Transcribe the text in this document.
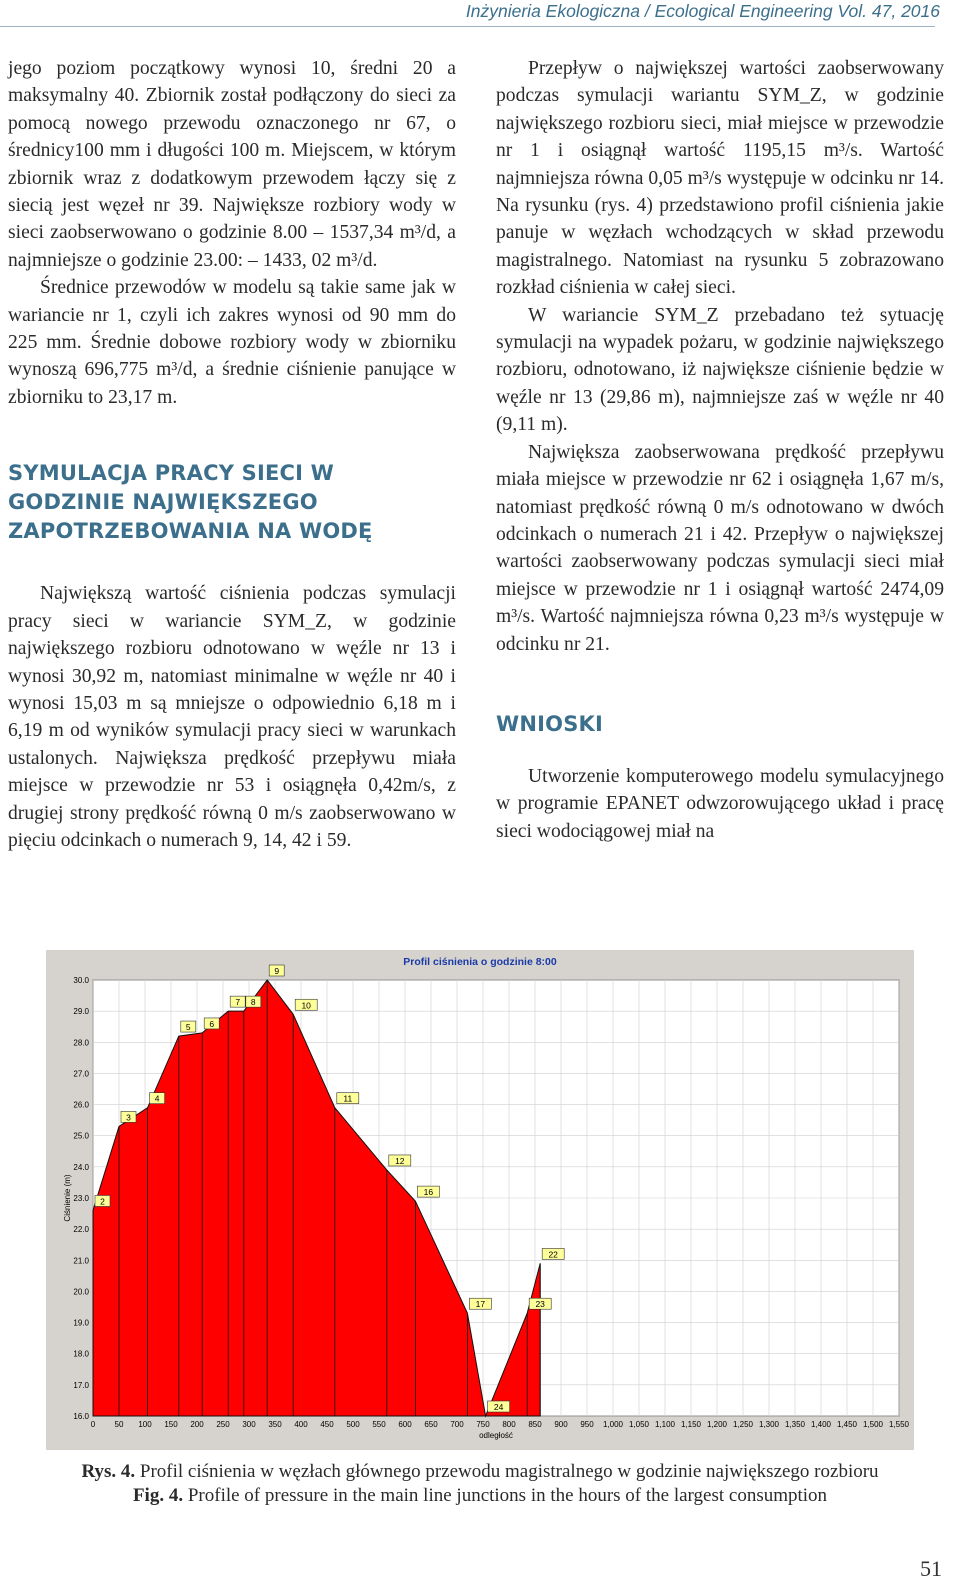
Inżynieria Ekologiczna / Ecological Engineering Vol. 47, 2016

jego poziom początkowy wynosi 10, średni 20 a maksymalny 40. Zbiornik został podłączony do sieci za pomocą nowego przewodu oznaczonego nr 67, o średnicy100 mm i długości 100 m. Miejscem, w którym zbiornik wraz z dodatkowym przewodem łączy się z siecią jest węzeł nr 39. Największe rozbiory wody w sieci zaobserwowano o godzinie 8.00 – 1537,34 m³/d, a najmniejsze o godzinie 23.00: – 1433, 02 m³/d.

Średnice przewodów w modelu są takie same jak w wariancie nr 1, czyli ich zakres wynosi od 90 mm do 225 mm. Średnie dobowe rozbiory wody w zbiorniku wynoszą 696,775 m³/d, a średnie ciśnienie panujące w zbiorniku to 23,17 m.

SYMULACJA PRACY SIECI W GODZINIE NAJWIĘKSZEGO ZAPOTRZEBOWANIA NA WODĘ

Największą wartość ciśnienia podczas symulacji pracy sieci w wariancie SYM_Z, w godzinie największego rozbioru odnotowano w węźle nr 13 i wynosi 30,92 m, natomiast minimalne w węźle nr 40 i wynosi 15,03 m są mniejsze o odpowiednio 6,18 m i 6,19 m od wyników symulacji pracy sieci w warunkach ustalonych. Największa prędkość przepływu miała miejsce w przewodzie nr 53 i osiągnęła 0,42m/s, z drugiej strony prędkość równą 0 m/s zaobserwowano w pięciu odcinkach o numerach 9, 14, 42 i 59.

Przepływ o największej wartości zaobserwowany podczas symulacji wariantu SYM_Z, w godzinie największego rozbioru sieci, miał miejsce w przewodzie nr 1 i osiągnął wartość 1195,15 m³/s. Wartość najmniejsza równa 0,05 m³/s występuje w odcinku nr 14. Na rysunku (rys. 4) przedstawiono profil ciśnienia jakie panuje w węzłach wchodzących w skład przewodu magistralnego. Natomiast na rysunku 5 zobrazowano rozkład ciśnienia w całej sieci.

W wariancie SYM_Z przebadano też sytuację symulacji na wypadek pożaru, w godzinie największego rozbioru, odnotowano, iż największe ciśnienie będzie w węźle nr 13 (29,86 m), najmniejsze zaś w węźle nr 40 (9,11 m).

Największa zaobserwowana prędkość przepływu miała miejsce w przewodzie nr 62 i osiągnęła 1,67 m/s, natomiast prędkość równą 0 m/s odnotowano w dwóch odcinkach o numerach 21 i 42. Przepływ o największej wartości zaobserwowany podczas symulacji sieci miał miejsce w przewodzie nr 1 i osiągnął wartość 2474,09 m³/s. Wartość najmniejsza równa 0,23 m³/s występuje w odcinku nr 21.

WNIOSKI

Utworzenie komputerowego modelu symulacyjnego w programie EPANET odwzorowującego układ i pracę sieci wodociągowej miał na

2
3
4
5 6
7 8
9
10
11
12
16
17
24
23
22
30.0
29.0
28.0
27.0
26.0
25.0
24.0
23.0
22.0
21.0
20.0
19.0
18.0
17.0
16.0
0 50 100 150 200 250 300 350 400 450 500 550 600 650 700 750 800 850 900 950 1,000 1,050 1,100 1,150 1,200 1,250 1,300 1,350 1,400 1,450 1,500 1,550
Profil ciśnienia o godzinie 8:00
odległość
Ciśnienie (m)
Rys. 4. Profil ciśnienia w węzłach głównego przewodu magistralnego w godzinie największego rozbioru
Fig. 4. Profile of pressure in the main line junctions in the hours of the largest consumption
51
